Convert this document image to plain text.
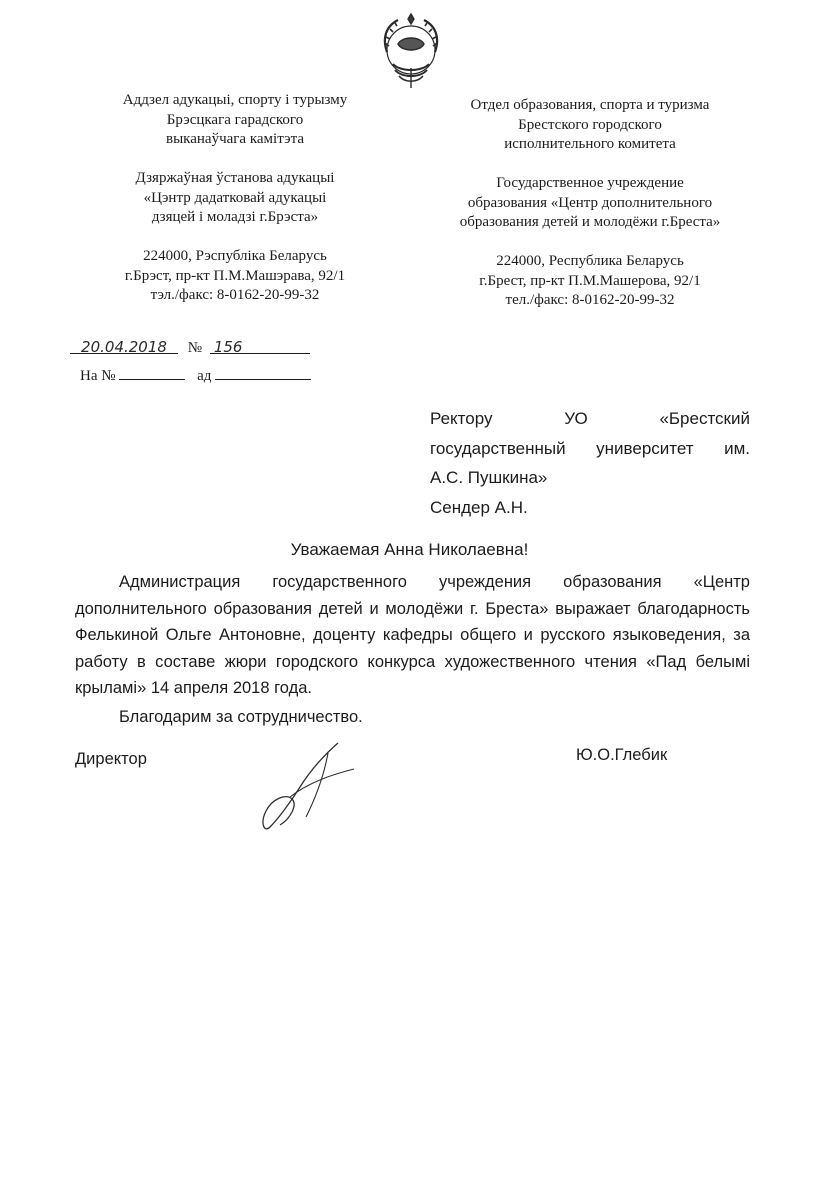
Аддзел адукацыі, спорту і турызму
Брэсцкага гарадского
выканаўчага камітэта
Дзяржаўная ўстанова адукацыі
«Цэнтр дадатковай адукацыі
дзяцей і моладзі г.Брэста»
224000, Рэспубліка Беларусь
г.Брэст, пр-кт П.М.Машэрава, 92/1
тэл./факс: 8-0162-20-99-32
Отдел образования, спорта и туризма
Брестского городского
исполнительного комитета
Государственное учреждение
образования «Центр дополнительного
образования детей и молодёжи г.Бреста»
224000, Республика Беларусь
г.Брест, пр-кт П.М.Машерова, 92/1
тел./факс: 8-0162-20-99-32
20.04.2018 № 156
На №	ад
Ректору	УО	«Брестский
государственный университет им.
А.С. Пушкина»
Сендер А.Н.
Уважаемая Анна Николаевна!

Администрация государственного учреждения образования «Центр дополнительного образования детей и молодёжи г. Бреста» выражает благодарность Фелькиной Ольге Антоновне, доценту кафедры общего и русского языковедения, за работу в составе жюри городского конкурса художественного чтения «Пад белымі крыламі» 14 апреля 2018 года.

Благодарим за сотрудничество.

Директор	Ю.О.Глебик
